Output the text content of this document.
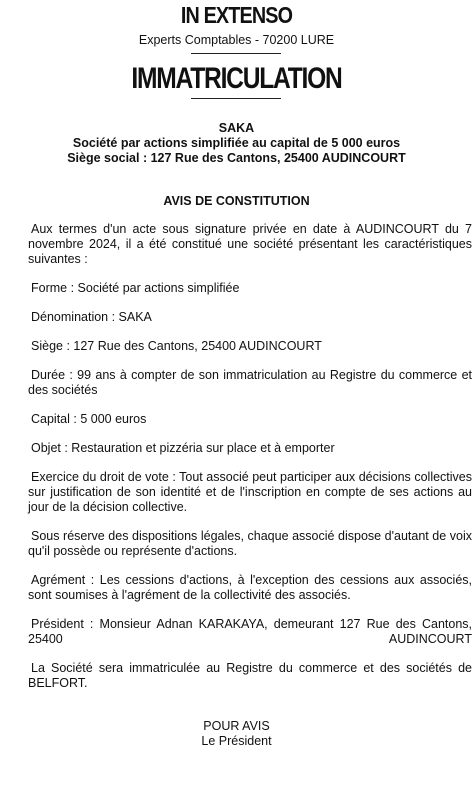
IN EXTENSO
Experts Comptables - 70200 LURE
IMMATRICULATION
SAKA
Société par actions simplifiée au capital de 5 000 euros
Siège social : 127 Rue des Cantons, 25400 AUDINCOURT
AVIS DE CONSTITUTION

Aux termes d'un acte sous signature privée en date à AUDINCOURT du 7 novembre 2024, il a été constitué une société présentant les caractéristiques suivantes :

Forme : Société par actions simplifiée

Dénomination : SAKA

Siège : 127 Rue des Cantons, 25400 AUDINCOURT

Durée : 99 ans à compter de son immatriculation au Registre du commerce et des sociétés

Capital : 5 000 euros

Objet : Restauration et pizzéria sur place et à emporter

Exercice du droit de vote : Tout associé peut participer aux décisions collectives sur justification de son identité et de l'inscription en compte de ses actions au jour de la décision collective.

Sous réserve des dispositions légales, chaque associé dispose d'autant de voix qu'il possède ou représente d'actions.

Agrément : Les cessions d'actions, à l'exception des cessions aux associés, sont soumises à l'agrément de la collectivité des associés.

Président : Monsieur Adnan KARAKAYA, demeurant 127 Rue des Cantons, 25400 AUDINCOURT

La Société sera immatriculée au Registre du commerce et des sociétés de BELFORT.

POUR AVIS
Le Président
